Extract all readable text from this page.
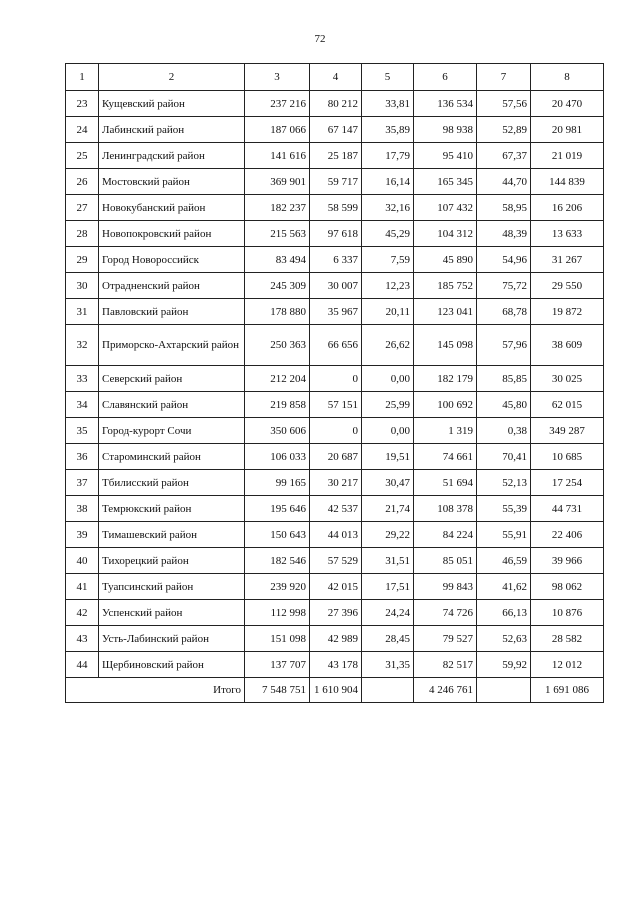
72
1	2	3	4	5	6	7	8
23	Кущевский район	237 216	80 212	33,81	136 534	57,56	20 470
24	Лабинский район	187 066	67 147	35,89	98 938	52,89	20 981
25	Ленинградский район	141 616	25 187	17,79	95 410	67,37	21 019
26	Мостовский район	369 901	59 717	16,14	165 345	44,70	144 839
27	Новокубанский район	182 237	58 599	32,16	107 432	58,95	16 206
28	Новопокровский район	215 563	97 618	45,29	104 312	48,39	13 633
29	Город Новороссийск	83 494	6 337	7,59	45 890	54,96	31 267
30	Отрадненский район	245 309	30 007	12,23	185 752	75,72	29 550
31	Павловский район	178 880	35 967	20,11	123 041	68,78	19 872
32	Приморско-Ахтарский район	250 363	66 656	26,62	145 098	57,96	38 609
33	Северский район	212 204	0	0,00	182 179	85,85	30 025
34	Славянский район	219 858	57 151	25,99	100 692	45,80	62 015
35	Город-курорт Сочи	350 606	0	0,00	1 319	0,38	349 287
36	Староминский район	106 033	20 687	19,51	74 661	70,41	10 685
37	Тбилисский район	99 165	30 217	30,47	51 694	52,13	17 254
38	Темрюкский район	195 646	42 537	21,74	108 378	55,39	44 731
39	Тимашевский район	150 643	44 013	29,22	84 224	55,91	22 406
40	Тихорецкий район	182 546	57 529	31,51	85 051	46,59	39 966
41	Туапсинский район	239 920	42 015	17,51	99 843	41,62	98 062
42	Успенский район	112 998	27 396	24,24	74 726	66,13	10 876
43	Усть-Лабинский район	151 098	42 989	28,45	79 527	52,63	28 582
44	Щербиновский район	137 707	43 178	31,35	82 517	59,92	12 012
Итого		7 548 751	1 610 904		4 246 761		1 691 086
